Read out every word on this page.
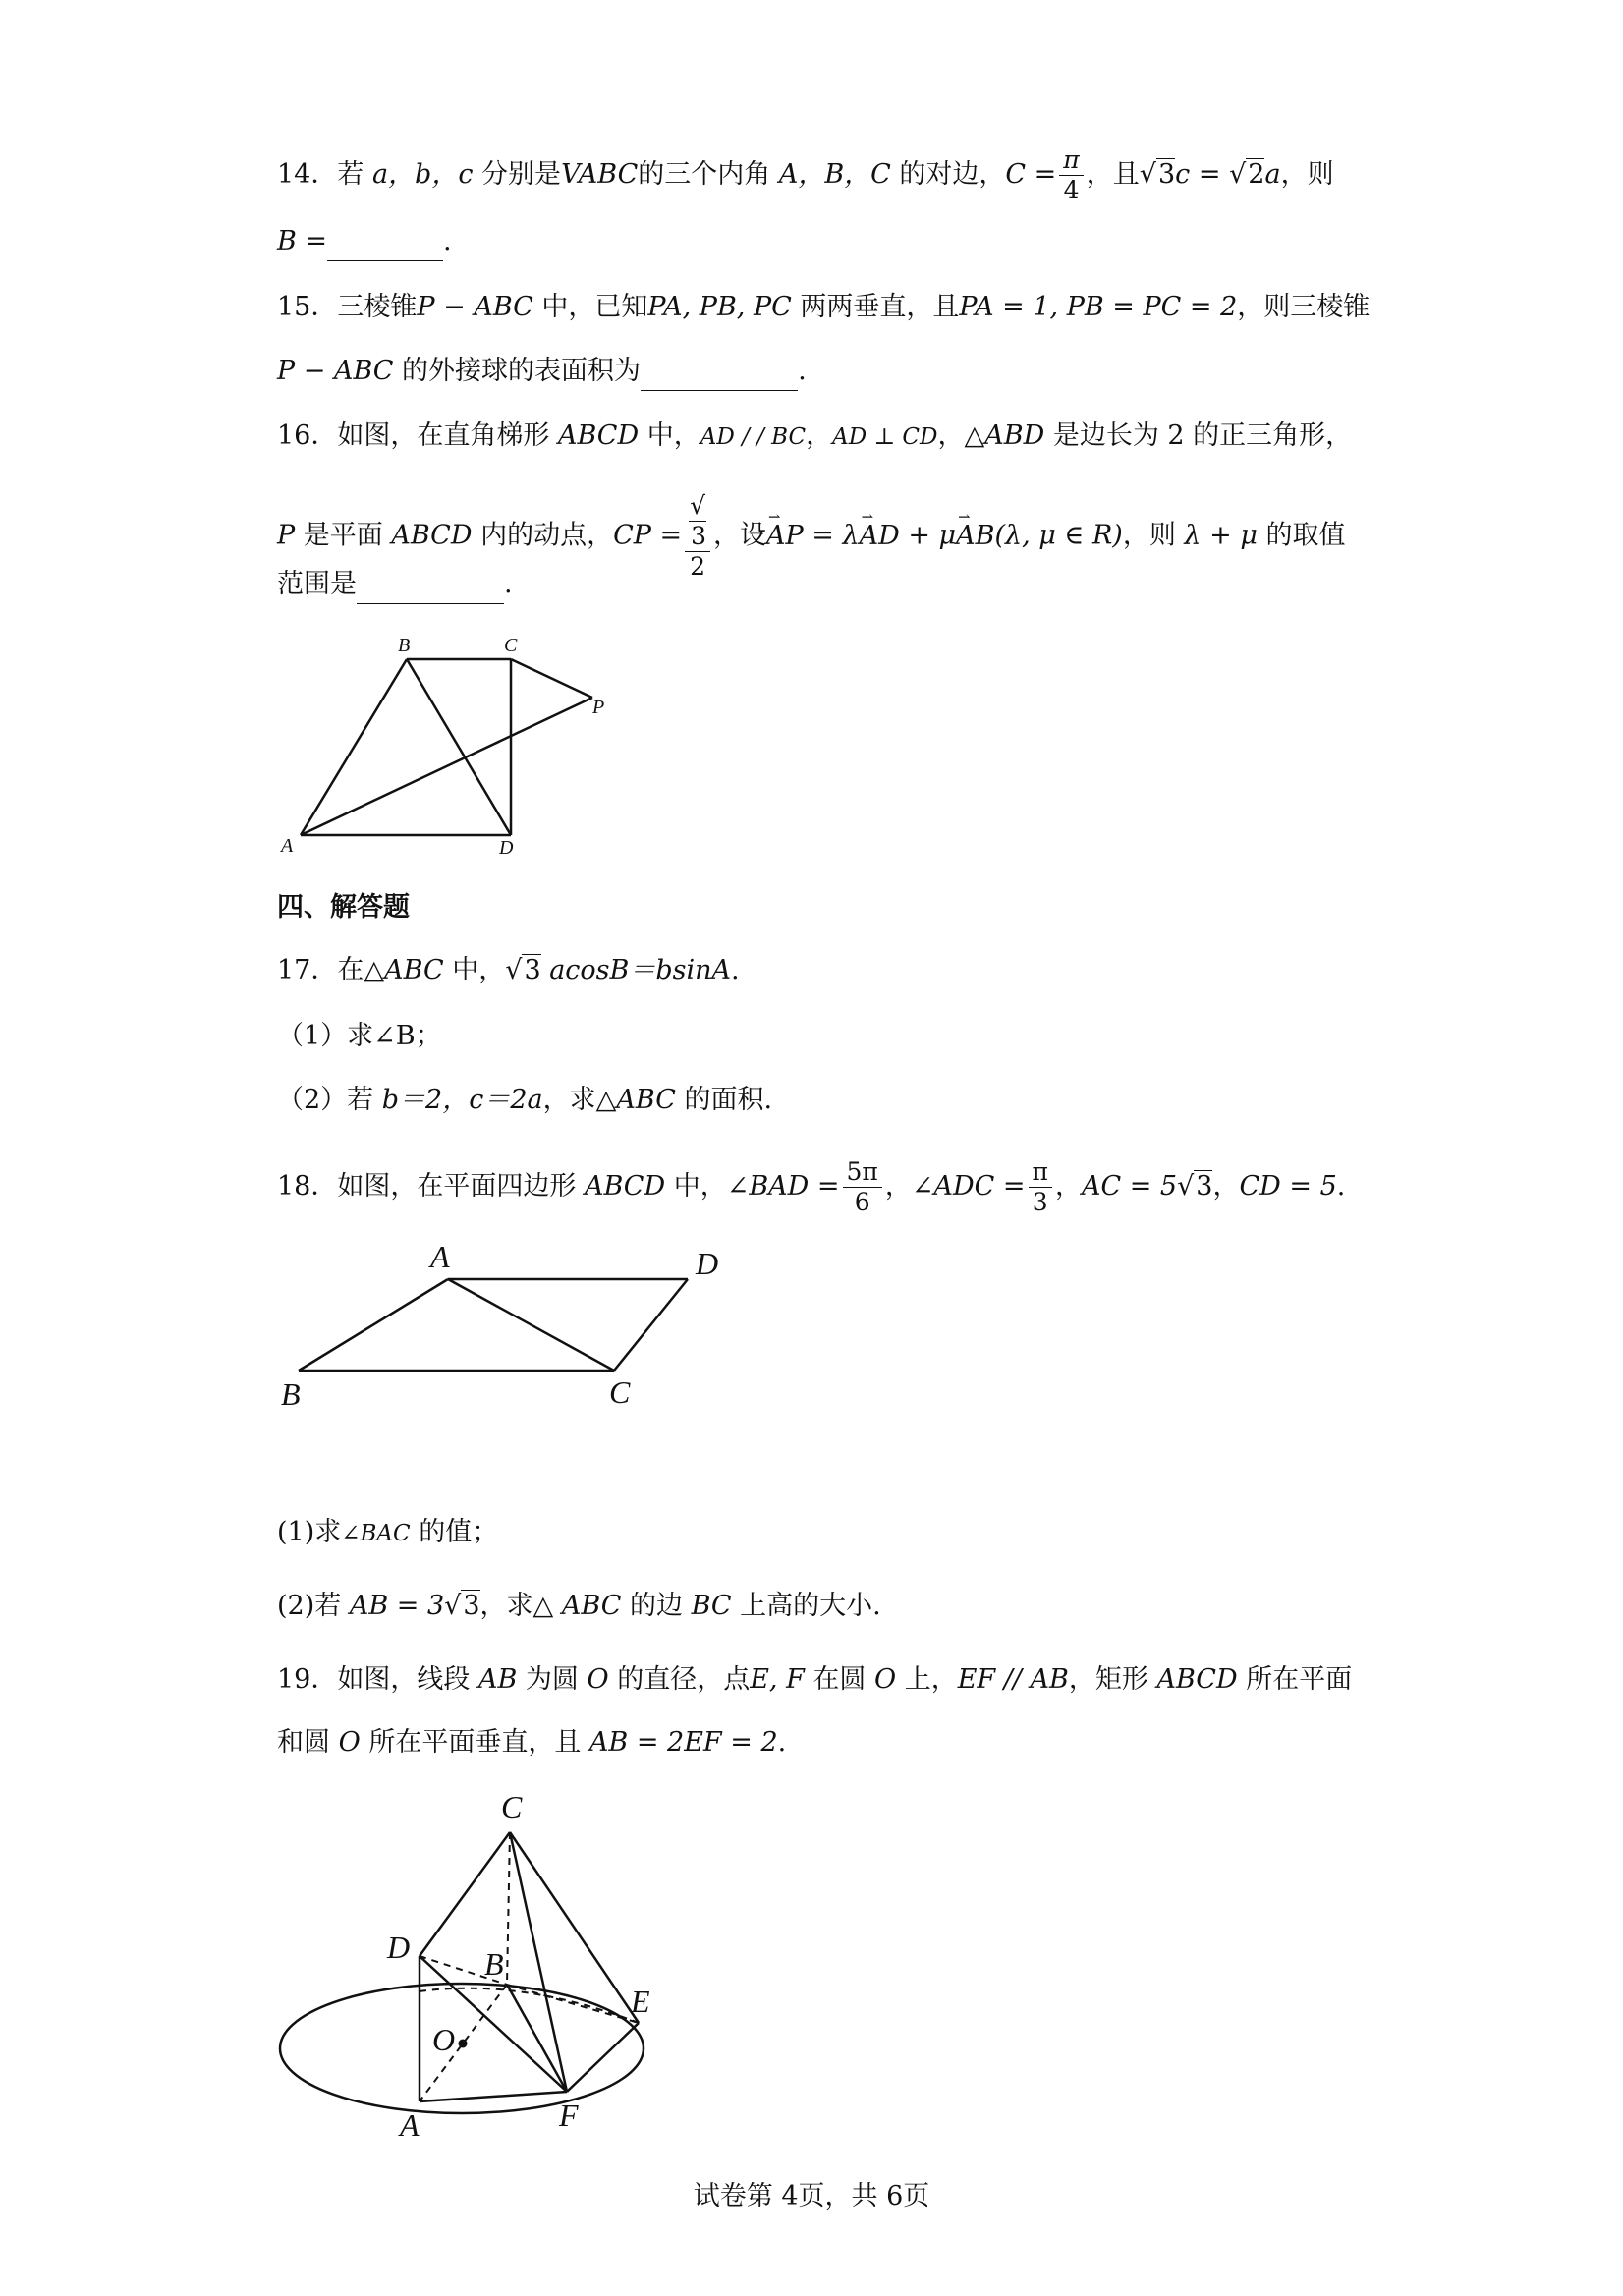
14．若 a，b，c 分别是VABC的三个内角 A，B，C 的对边，$C = \frac{\pi}{4}$ ，且√3c = √2a，则
B =	.
15．三棱锥P − ABC 中，已知PA, PB, PC 两两垂直，且PA = 1, PB = PC = 2，则三棱锥
P − ABC 的外接球的表面积为	.
16．如图，在直角梯形 ABCD 中，AD / / BC，AD ⊥ CD，△ABD 是边长为 2 的正三角形，
P 是平面 ABCD 内的动点，CP = √
3
2 ，设⇀ AP = λ⇀ AD + μ⇀ AB(λ, μ ∈ R)，则 λ + μ 的取值
范围是	.
B	C
P
A	D
四、解答题
17．在△ABC 中，√3 acosB＝bsinA.
（1）求∠B；
（2）若 b＝2，c＝2a，求△ABC 的面积.
18．如图，在平面四边形 ABCD 中，∠BAD = $\frac{5\pi}{6}$ ，∠ADC = $\frac{\pi}{3}$ ，AC = 5√3，CD = 5.
A	D
B	C
(1)求∠BAC 的值；
(2)若 AB = 3√3，求△ ABC 的边 BC 上高的大小.
19．如图，线段 AB 为圆 O 的直径，点E, F 在圆 O 上，EF // AB，矩形 ABCD 所在平面
和圆 O 所在平面垂直，且 AB = 2EF = 2.
C
D B
E
O
A	F
试卷第 4页，共 6页
